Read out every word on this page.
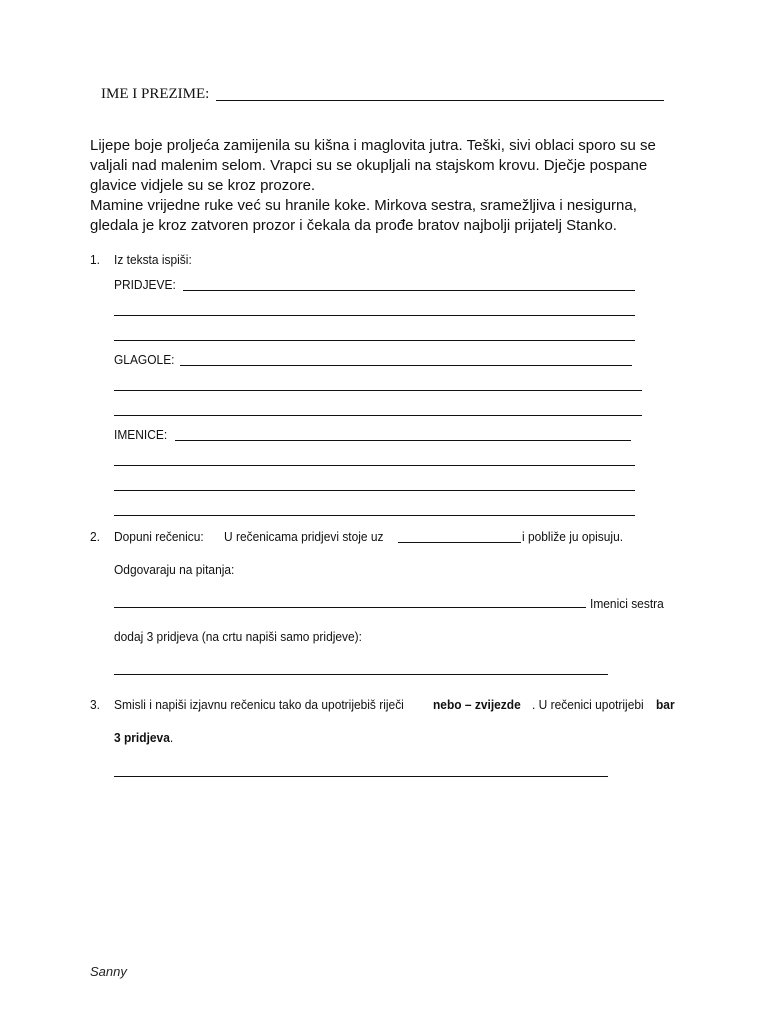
IME I PREZIME:
Lijepe boje proljeća zamijenila su kišna i maglovita jutra. Teški, sivi oblaci sporo su se
valjali nad malenim selom. Vrapci su se okupljali na stajskom krovu. Dječje pospane
glavice vidjele su se kroz prozore.
Mamine vrijedne ruke već su hranile koke. Mirkova sestra, sramežljiva i nesigurna,
gledala je kroz zatvoren prozor i čekala da prođe bratov najbolji prijatelj Stanko.
1. Iz teksta ispiši:
PRIDJEVE:
GLAGOLE:
IMENICE:
2. Dopuni rečenicu: U rečenicama pridjevi stoje uz	i pobliže ju opisuju.
Odgovaraju na pitanja:
Imenici sestra
dodaj 3 pridjeva (na crtu napiši samo pridjeve):
3. Smisli i napiši izjavnu rečenicu tako da upotrijebiš riječi nebo – zvijezde . U rečenici upotrijebi bar
3 pridjeva.
Sanny
